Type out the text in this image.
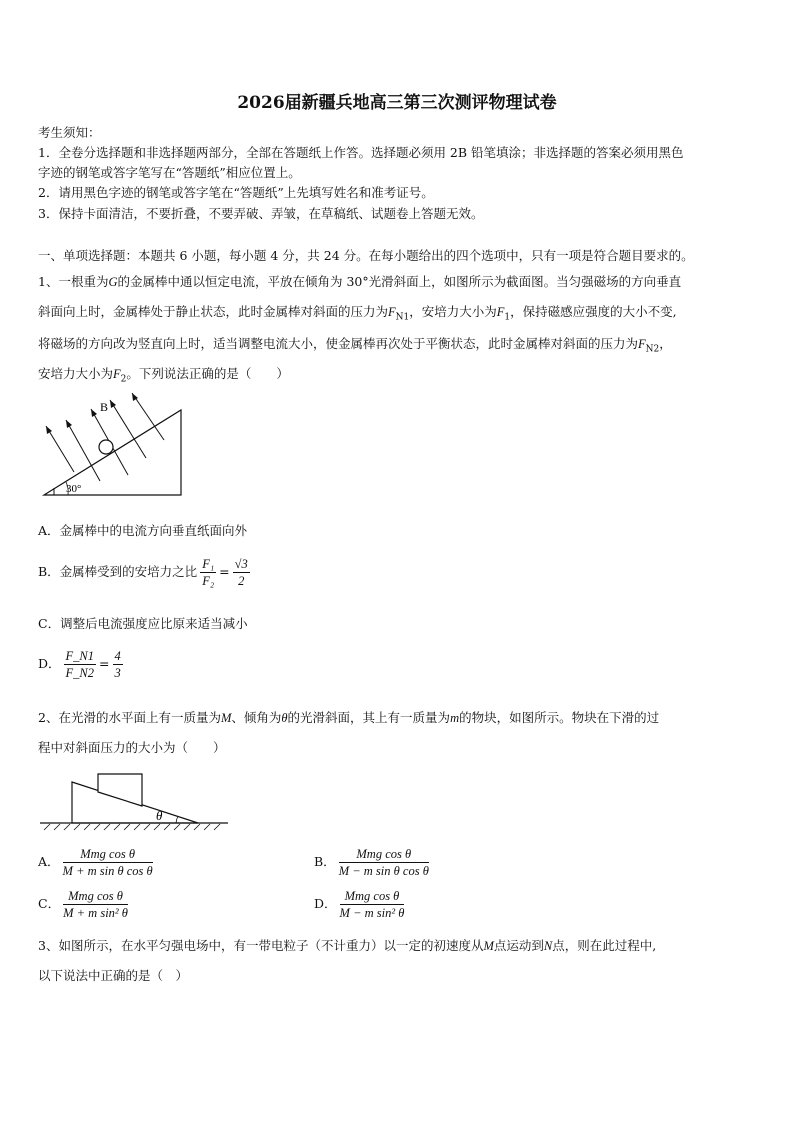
2026届新疆兵地高三第三次测评物理试卷
考生须知：
1．全卷分选择题和非选择题两部分，全部在答题纸上作答。选择题必须用 2B 铅笔填涂；非选择题的答案必须用黑色
字迹的钢笔或答字笔写在“答题纸”相应位置上。
2．请用黑色字迹的钢笔或答字笔在“答题纸”上先填写姓名和准考证号。
3．保持卡面清洁，不要折叠，不要弄破、弄皱，在草稿纸、试题卷上答题无效。
一、单项选择题：本题共 6 小题，每小题 4 分，共 24 分。在每小题给出的四个选项中，只有一项是符合题目要求的。
1、一根重为G的金属棒中通以恒定电流，平放在倾角为 30°光滑斜面上，如图所示为截面图。当匀强磁场的方向垂直
斜面向上时，金属棒处于静止状态，此时金属棒对斜面的压力为$F_{N1}$，安培力大小为$F_1$，保持磁感应强度的大小不变,
将磁场的方向改为竖直向上时，适当调整电流大小，使金属棒再次处于平衡状态，此时金属棒对斜面的压力为$F_{N2}$，
安培力大小为$F_2$。下列说法正确的是（　　）
30°
B
A．金属棒中的电流方向垂直纸面向外
B．金属棒受到的安培力之比 $\frac{\text{F₁}}{\text{F₂}} = \frac{√3}{2}$
C．调整后电流强度应比原来适当减小
D． $\frac{F\_N1}{F\_N2} = \frac{4}{3}$
2、在光滑的水平面上有一质量为M、倾角为θ的光滑斜面，其上有一质量为m的物块，如图所示。物块在下滑的过
程中对斜面压力的大小为（　　）
θ
A． $\frac{\text{Mmg cos θ}}{\text{M + m sin θ cos θ}}$	B． $\frac{\text{Mmg cos θ}}{\text{M − m sin θ cos θ}}$
C． $\frac{\text{Mmg cos θ}}{\text{M + m sin² θ}}$	D． $\frac{\text{Mmg cos θ}}{\text{M − m sin² θ}}$
3、如图所示，在水平匀强电场中，有一带电粒子（不计重力）以一定的初速度从M点运动到N点，则在此过程中,
以下说法中正确的是（　）
